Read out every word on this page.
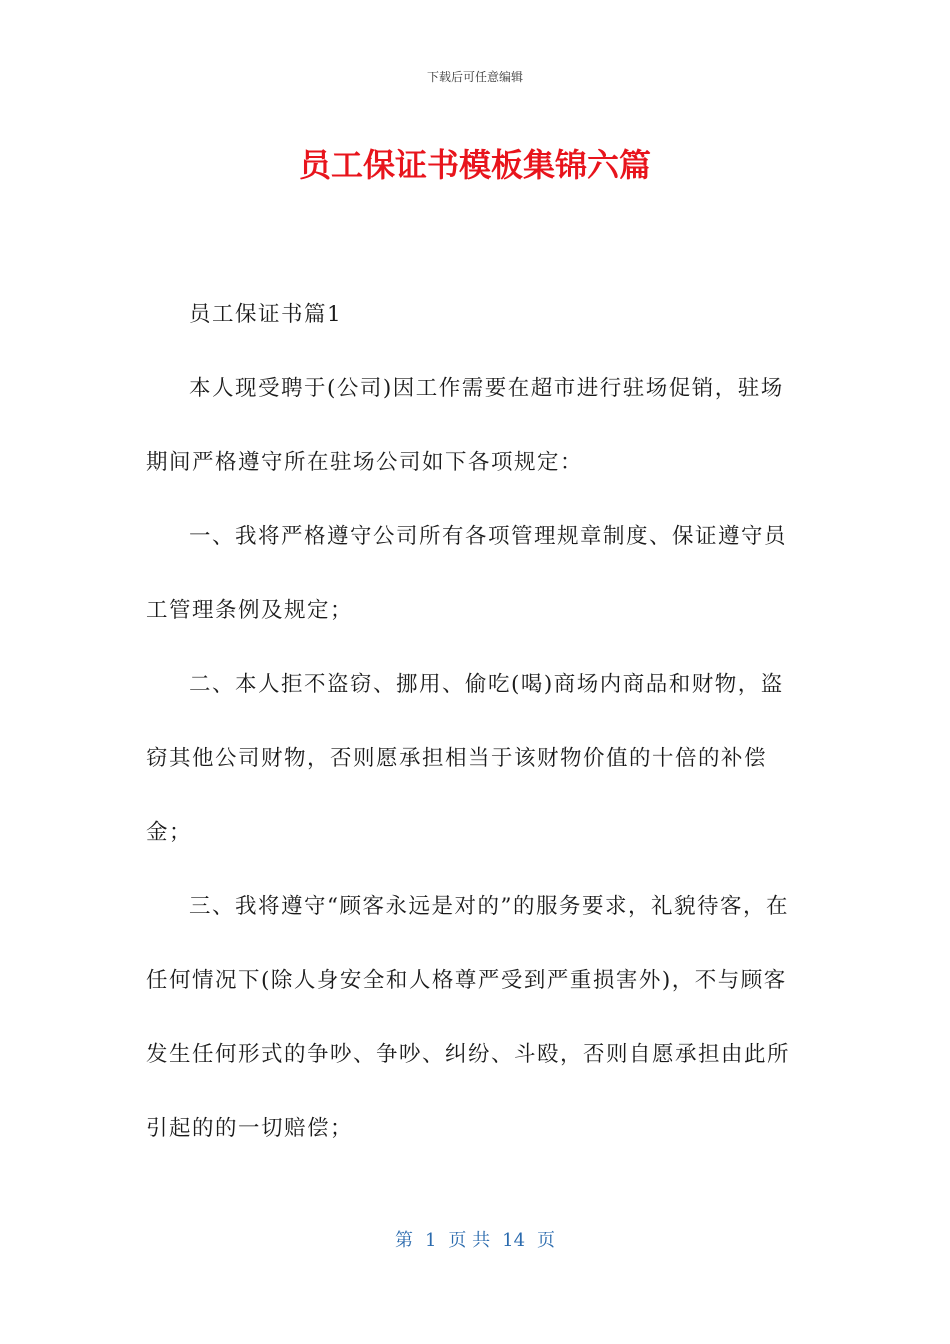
下载后可任意编辑
员工保证书模板集锦六篇

员工保证书篇1

本人现受聘于(公司)因工作需要在超市进行驻场促销，驻场期间严格遵守所在驻场公司如下各项规定：

一、我将严格遵守公司所有各项管理规章制度、保证遵守员工管理条例及规定；

二、本人拒不盗窃、挪用、偷吃(喝)商场内商品和财物，盗窃其他公司财物，否则愿承担相当于该财物价值的十倍的补偿金；

三、我将遵守“顾客永远是对的”的服务要求，礼貌待客，在任何情况下(除人身安全和人格尊严受到严重损害外)，不与顾客发生任何形式的争吵、争吵、纠纷、斗殴，否则自愿承担由此所引起的的一切赔偿；

第 1 页 共 14 页
